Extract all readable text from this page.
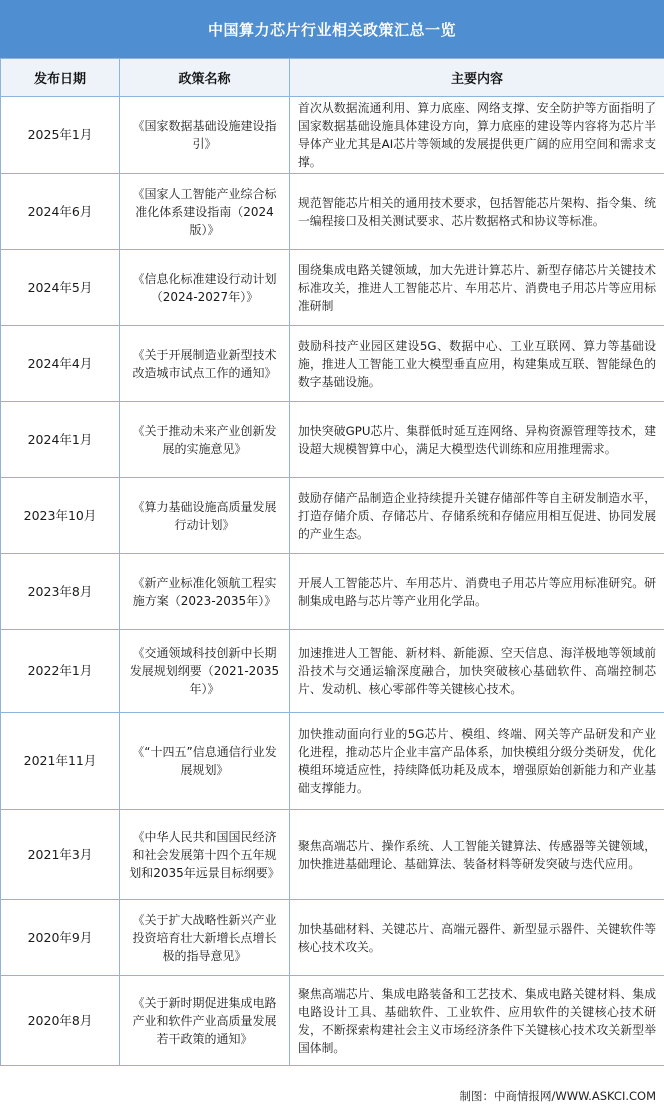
中国算力芯片行业相关政策汇总一览
发布日期	政策名称	主要内容
2025年1月	《国家数据基础设施建设指引》	首次从数据流通利用、算力底座、网络支撑、安全防护等方面指明了国家数据基础设施具体建设方向，算力底座的建设等内容将为芯片半导体产业尤其是AI芯片等领域的发展提供更广阔的应用空间和需求支撑。
2024年6月	《国家人工智能产业综合标准化体系建设指南（2024版）》	规范智能芯片相关的通用技术要求，包括智能芯片架构、指令集、统一编程接口及相关测试要求、芯片数据格式和协议等标准。
2024年5月	《信息化标准建设行动计划（2024-2027年）》	围绕集成电路关键领域，加大先进计算芯片、新型存储芯片关键技术标准攻关，推进人工智能芯片、车用芯片、消费电子用芯片等应用标准研制
2024年4月	《关于开展制造业新型技术改造城市试点工作的通知》	鼓励科技产业园区建设5G、数据中心、工业互联网、算力等基础设施，推进人工智能工业大模型垂直应用，构建集成互联、智能绿色的数字基础设施。
2024年1月	《关于推动未来产业创新发展的实施意见》	加快突破GPU芯片、集群低时延互连网络、异构资源管理等技术，建设超大规模智算中心，满足大模型迭代训练和应用推理需求。
2023年10月	《算力基础设施高质量发展行动计划》	鼓励存储产品制造企业持续提升关键存储部件等自主研发制造水平，打造存储介质、存储芯片、存储系统和存储应用相互促进、协同发展的产业生态。
2023年8月	《新产业标准化领航工程实施方案（2023-2035年）》	开展人工智能芯片、车用芯片、消费电子用芯片等应用标准研究。研制集成电路与芯片等产业用化学品。
2022年1月	《交通领域科技创新中长期发展规划纲要（2021-2035年）》	加速推进人工智能、新材料、新能源、空天信息、海洋极地等领域前沿技术与交通运输深度融合，加快突破核心基础软件、高端控制芯片、发动机、核心零部件等关键核心技术。
2021年11月	《“十四五”信息通信行业发展规划》	加快推动面向行业的5G芯片、模组、终端、网关等产品研发和产业化进程，推动芯片企业丰富产品体系，加快模组分级分类研发，优化模组环境适应性，持续降低功耗及成本，增强原始创新能力和产业基础支撑能力。
2021年3月	《中华人民共和国国民经济和社会发展第十四个五年规划和2035年远景目标纲要》	聚焦高端芯片、操作系统、人工智能关键算法、传感器等关键领域，加快推进基础理论、基础算法、装备材料等研发突破与迭代应用。
2020年9月	《关于扩大战略性新兴产业投资培育壮大新增长点增长极的指导意见》	加快基础材料、关键芯片、高端元器件、新型显示器件、关键软件等核心技术攻关。
2020年8月	《关于新时期促进集成电路产业和软件产业高质量发展若干政策的通知》	聚焦高端芯片、集成电路装备和工艺技术、集成电路关键材料、集成电路设计工具、基础软件、工业软件、应用软件的关键核心技术研发，不断探索构建社会主义市场经济条件下关键核心技术攻关新型举国体制。
制图：中商情报网/WWW.ASKCI.COM
